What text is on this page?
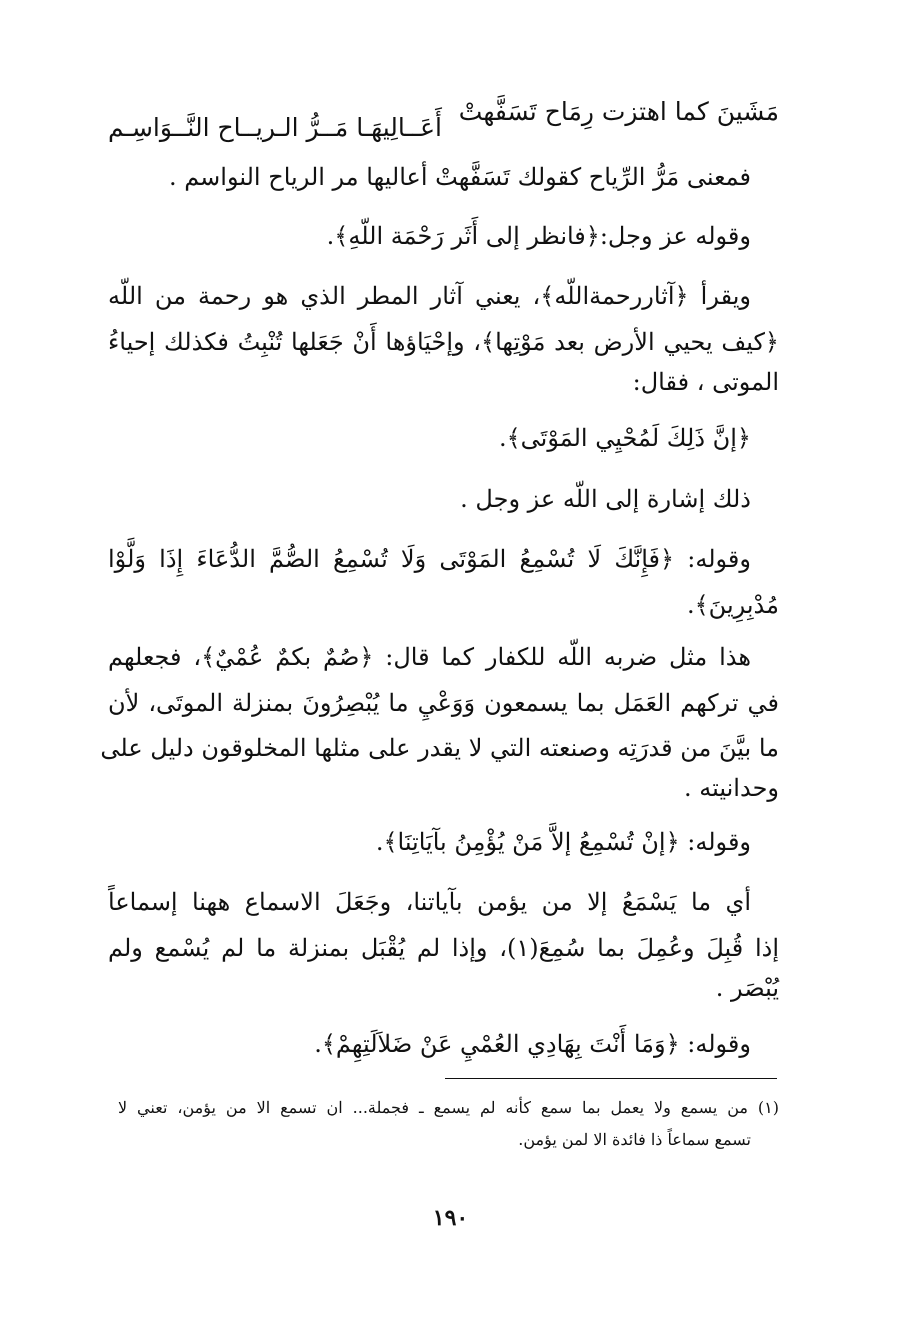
مَشَينَ كما اهتزت رِمَاح تَسَفَّهتْ
أَعَــالِيهَـا مَــرُّ الـريــاح النَّــوَاسِـم
فمعنى مَرُّ الرِّياح كقولك تَسَفَّهتْ أعاليها مر الرياح النواسم .
وقوله عز وجل:﴿فانظر إلى أَثَر رَحْمَة اللّهِ﴾.
ويقرأ ﴿آثاررحمةاللّه﴾، يعني آثار المطر الذي هو رحمة من اللّه
﴿كيف يحيي الأرض بعد مَوْتِها﴾، وإحْيَاؤها أَنْ جَعَلها تُنْبِتُ فكذلك إحياءُ
الموتى ، فقال:
﴿إنَّ ذَلِكَ لَمُحْيِي المَوْتَى﴾.
ذلك إشارة إلى اللّه عز وجل .
وقوله: ﴿فَإِنَّكَ لَا تُسْمِعُ المَوْتَى وَلَا تُسْمِعُ الصُّمَّ الدُّعَاءَ إِذَا وَلَّوْا
مُدْبِرِينَ﴾.
هذا مثل ضربه اللّه للكفار كما قال: ﴿صُمٌ بكمٌ عُمْيٌ﴾، فجعلهم
في تركهم العَمَل بما يسمعون وَوَعْيِ ما يُبْصِرُونَ بمنزلة الموتَى، لأن
ما بيَّنَ من قدرَتِه وصنعته التي لا يقدر على مثلها المخلوقون دليل على
وحدانيته .
وقوله: ﴿إنْ تُسْمِعُ إلاَّ مَنْ يُؤْمِنُ بآيَاتِنَا﴾.
أي ما يَسْمَعُ إلا من يؤمن بآياتنا، وجَعَلَ الاسماع ههنا إسماعاً
إذا قُبِلَ وعُمِلَ بما سُمِعَ(١)، وإذا لم يُقْبَل بمنزلة ما لم يُسْمع ولم
يُبْصَر .
وقوله: ﴿وَمَا أَنْتَ بِهَادِي العُمْيِ عَنْ ضَلاَلَتِهِمْ﴾.
(١) من يسمع ولا يعمل بما سمع كأنه لم يسمع ـ فجملة... ان تسمع الا من يؤمن، تعني لا
تسمع سماعاً ذا فائدة الا لمن يؤمن.
١٩٠
